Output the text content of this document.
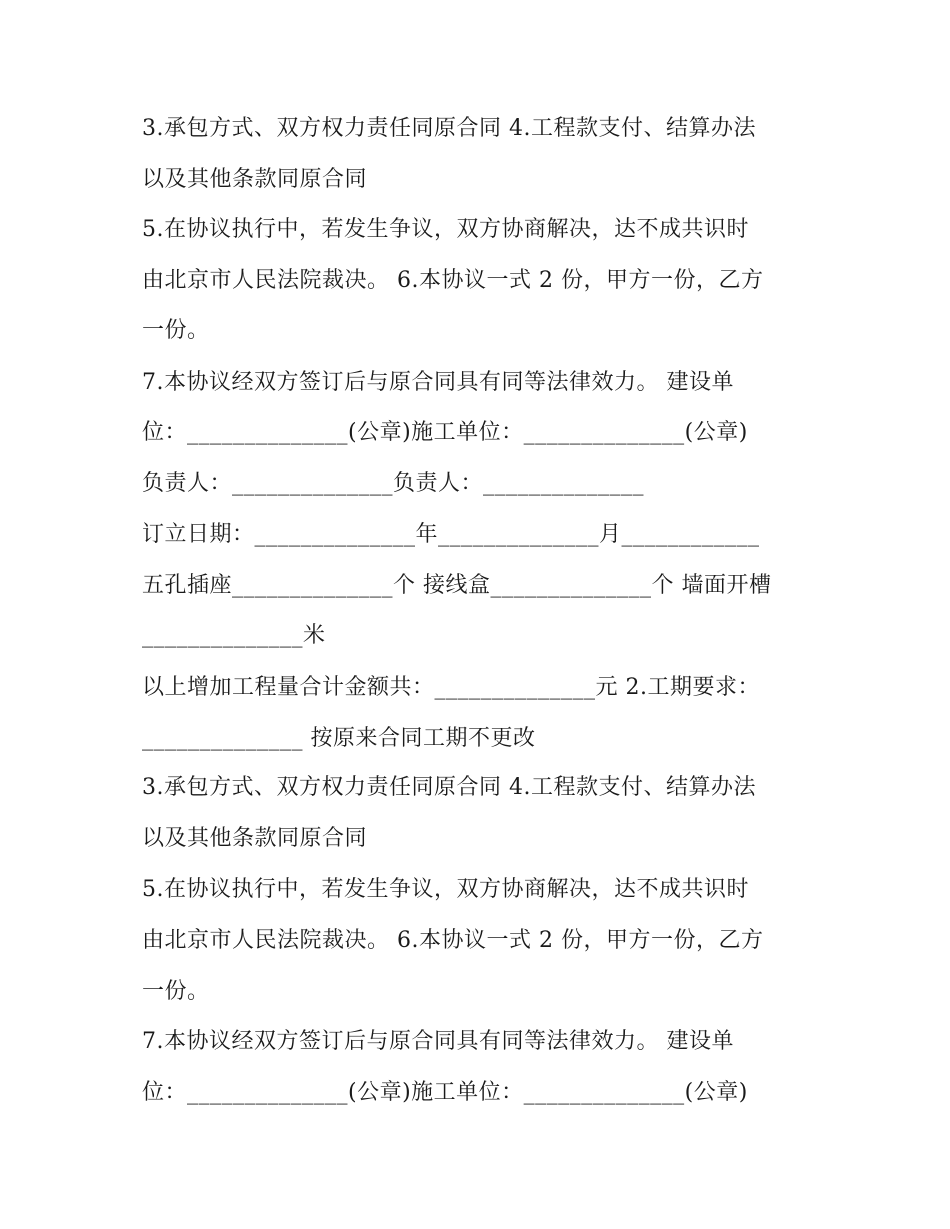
3.承包方式、双方权力责任同原合同 4.工程款支付、结算办法
以及其他条款同原合同
5.在协议执行中，若发生争议，双方协商解决，达不成共识时
由北京市人民法院裁决。 6.本协议一式 2 份，甲方一份，乙方
一份。
7.本协议经双方签订后与原合同具有同等法律效力。 建设单
位：______________(公章)施工单位：______________(公章)
负责人：______________负责人：______________
订立日期：______________年______________月____________
五孔插座______________个 接线盒______________个 墙面开槽
______________米
以上增加工程量合计金额共：______________元 2.工期要求：
______________ 按原来合同工期不更改
3.承包方式、双方权力责任同原合同 4.工程款支付、结算办法
以及其他条款同原合同
5.在协议执行中，若发生争议，双方协商解决，达不成共识时
由北京市人民法院裁决。 6.本协议一式 2 份，甲方一份，乙方
一份。
7.本协议经双方签订后与原合同具有同等法律效力。 建设单
位：______________(公章)施工单位：______________(公章)
